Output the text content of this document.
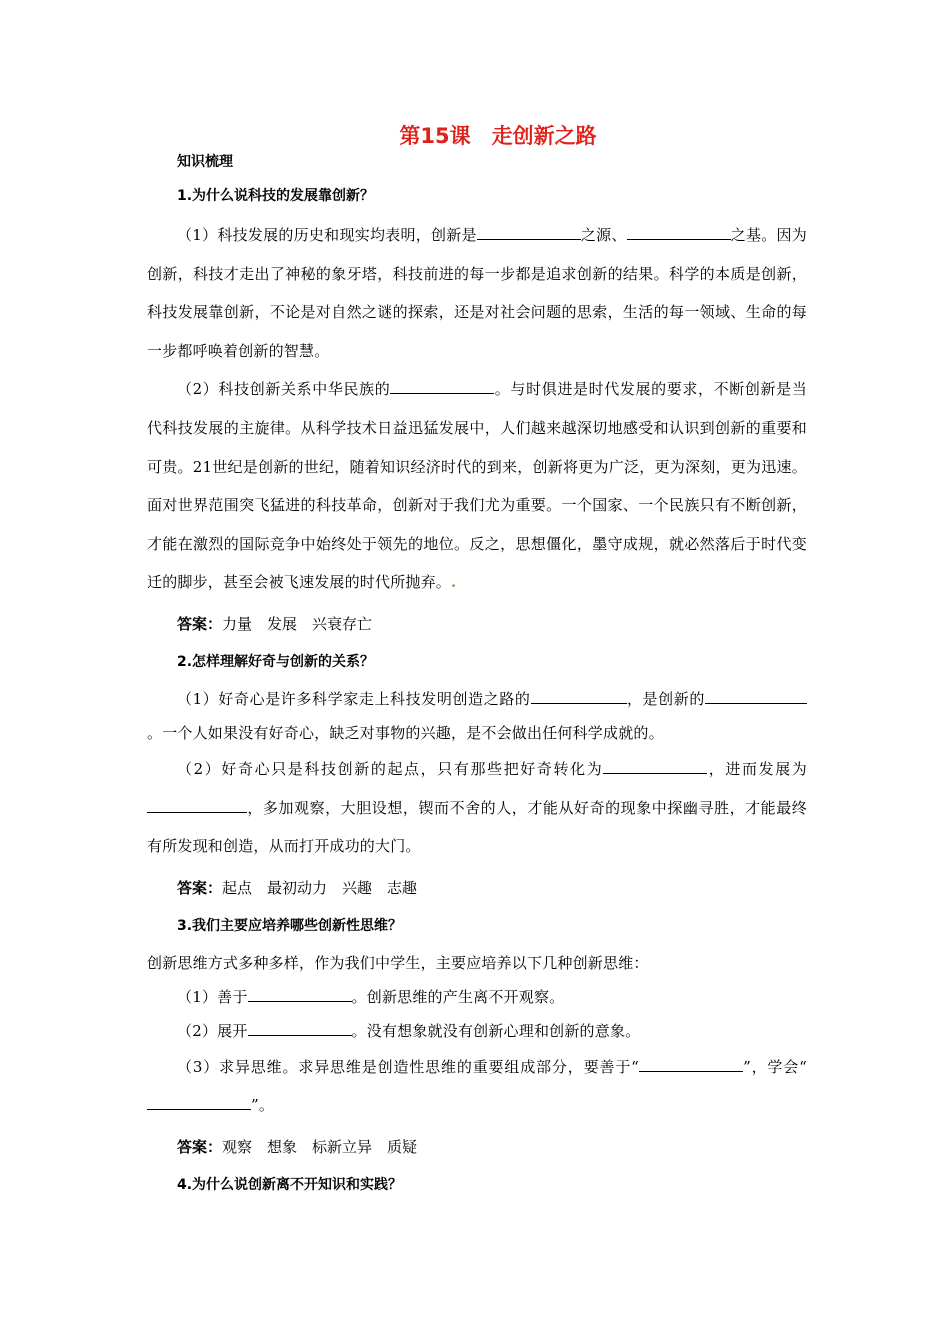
第15课　走创新之路
知识梳理
1.为什么说科技的发展靠创新？

（1）科技发展的历史和现实均表明，创新是	之源、	之基。因为创新，科技才走出了神秘的象牙塔，科技前进的每一步都是追求创新的结果。科学的本质是创新，科技发展靠创新，不论是对自然之谜的探索，还是对社会问题的思索，生活的每一领域、生命的每一步都呼唤着创新的智慧。

（2）科技创新关系中华民族的	。与时俱进是时代发展的要求，不断创新是当代科技发展的主旋律。从科学技术日益迅猛发展中，人们越来越深切地感受和认识到创新的重要和可贵。21世纪是创新的世纪，随着知识经济时代的到来，创新将更为广泛，更为深刻，更为迅速。面对世界范围突飞猛进的科技革命，创新对于我们尤为重要。一个国家、一个民族只有不断创新，才能在激烈的国际竞争中始终处于领先的地位。反之，思想僵化，墨守成规，就必然落后于时代变迁的脚步，甚至会被飞速发展的时代所抛弃。.

答案：力量　发展　兴衰存亡
2.怎样理解好奇与创新的关系？

（1）好奇心是许多科学家走上科技发明创造之路的	，是创新的。一个人如果没有好奇心，缺乏对事物的兴趣，是不会做出任何科学成就的。

（2）好奇心只是科技创新的起点，只有那些把好奇转化为	，进而发展为，多加观察，大胆设想，锲而不舍的人，才能从好奇的现象中探幽寻胜，才能最终有所发现和创造，从而打开成功的大门。

答案：起点　最初动力　兴趣　志趣
3.我们主要应培养哪些创新性思维？

创新思维方式多种多样，作为我们中学生，主要应培养以下几种创新思维：

（1）善于	。创新思维的产生离不开观察。

（2）展开	。没有想象就没有创新心理和创新的意象。

（3）求异思维。求异思维是创造性思维的重要组成部分，要善于“	”，学会“”。

答案：观察　想象　标新立异　质疑
4.为什么说创新离不开知识和实践？
